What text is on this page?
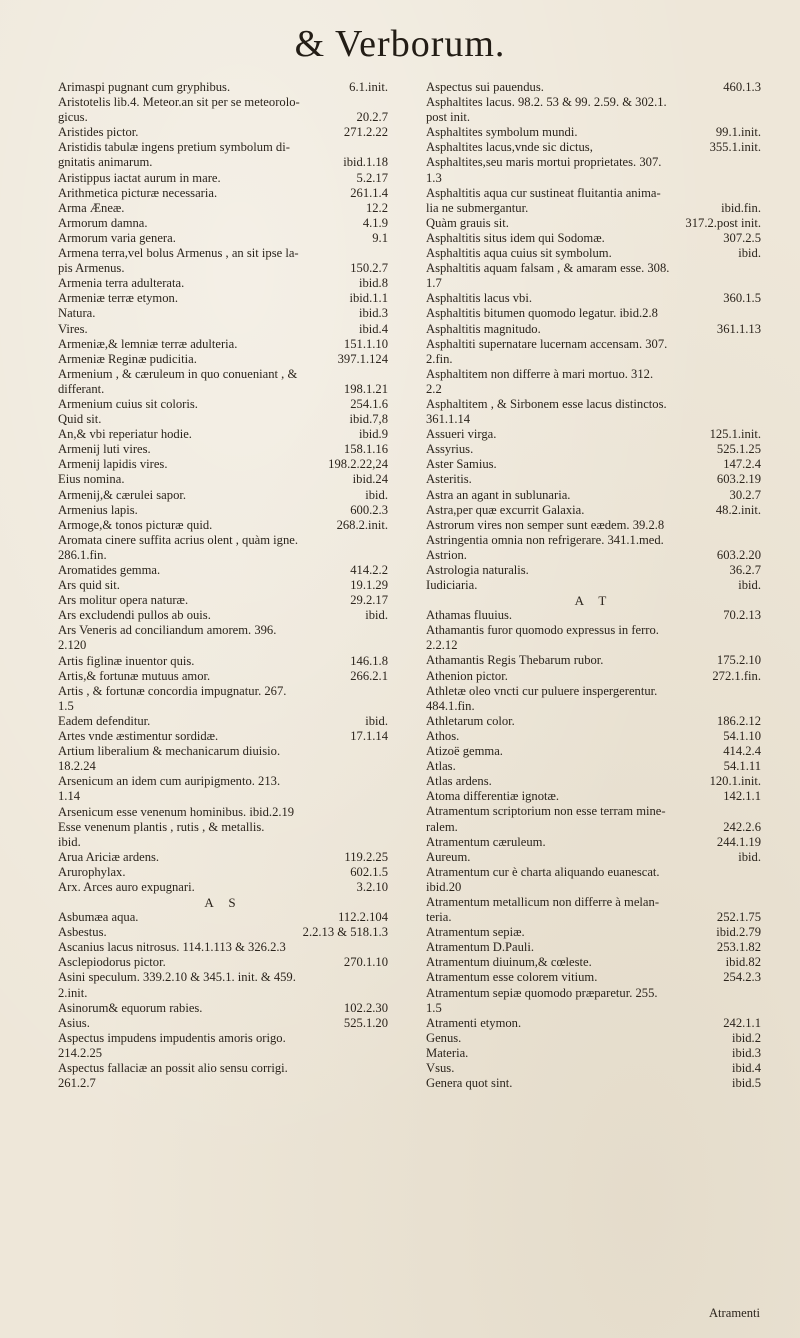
& Verborum.
Arimaspi pugnant cum gryphibus.	6.1.init.
Aristotelis lib.4. Meteor.an sit per se meteorolo-
gicus.	20.2.7
Aristides pictor.	271.2.22
Aristidis tabulæ ingens pretium symbolum di-
gnitatis animarum.	ibid.1.18
Aristippus iactat aurum in mare.	5.2.17
Arithmetica picturæ necessaria.	261.1.4
Arma Æneæ.	12.2
Armorum damna.	4.1.9
Armorum varia genera.	9.1
Armena terra,vel bolus Armenus , an sit ipse la-
pis Armenus.	150.2.7
Armenia terra adulterata.	ibid.8
Armeniæ terræ etymon.	ibid.1.1
Natura.	ibid.3
Vires.	ibid.4
Armeniæ,& lemniæ terræ adulteria.	151.1.10
Armeniæ Reginæ pudicitia.	397.1.124
Armenium , & cæruleum in quo conueniant , &
differant.	198.1.21
Armenium cuius sit coloris.	254.1.6
Quid sit.	ibid.7,8
An,& vbi reperiatur hodie.	ibid.9
Armenij luti vires.	158.1.16
Armenij lapidis vires.	198.2.22,24
Eius nomina.	ibid.24
Armenij,& cærulei sapor.	ibid.
Armenius lapis.	600.2.3
Armoge,& tonos picturæ quid.	268.2.init.
Aromata cinere suffita acrius olent , quàm igne.
286.1.fin.
Aromatides gemma.	414.2.2
Ars quid sit.	19.1.29
Ars molitur opera naturæ.	29.2.17
Ars excludendi pullos ab ouis.	ibid.
Ars Veneris ad conciliandum amorem. 396.
2.120
Artis figlinæ inuentor quis.	146.1.8
Artis,& fortunæ mutuus amor.	266.2.1
Artis , & fortunæ concordia impugnatur. 267.
1.5
Eadem defenditur.	ibid.
Artes vnde æstimentur sordidæ.	17.1.14
Artium liberalium & mechanicarum diuisio.
18.2.24
Arsenicum an idem cum auripigmento. 213.
1.14
Arsenicum esse venenum hominibus. ibid.2.19
Esse venenum plantis , rutis , & metallis.
ibid.
Arua Ariciæ ardens.	119.2.25
Arurophylax.	602.1.5
Arx. Arces auro expugnari.	3.2.10
A S
Asbumæa aqua.	112.2.104
Asbestus.	2.2.13 & 518.1.3
Ascanius lacus nitrosus. 114.1.113 & 326.2.3
Asclepiodorus pictor.	270.1.10
Asini speculum. 339.2.10 & 345.1. init. & 459.
2.init.
Asinorum& equorum rabies.	102.2.30
Asius.	525.1.20
Aspectus impudens impudentis amoris origo.
214.2.25
Aspectus fallaciæ an possit alio sensu corrigi.
261.2.7
Aspectus sui pauendus.	460.1.3
Asphaltites lacus. 98.2. 53 & 99. 2.59. & 302.1.
post init.
Asphaltites symbolum mundi.	99.1.init.
Asphaltites lacus,vnde sic dictus,	355.1.init.
Asphaltites,seu maris mortui proprietates. 307.
1.3
Asphaltitis aqua cur sustineat fluitantia anima-
lia ne submergantur.	ibid.fin.
Quàm grauis sit.	317.2.post init.
Asphaltitis situs idem qui Sodomæ.	307.2.5
Asphaltitis aqua cuius sit symbolum.	ibid.
Asphaltitis aquam falsam , & amaram esse. 308.
1.7
Asphaltitis lacus vbi.	360.1.5
Asphaltitis bitumen quomodo legatur. ibid.2.8
Asphaltitis magnitudo.	361.1.13
Asphaltiti supernatare lucernam accensam. 307.
2.fin.
Asphaltitem non differre à mari mortuo. 312.
2.2
Asphaltitem , & Sirbonem esse lacus distinctos.
361.1.14
Assueri virga.	125.1.init.
Assyrius.	525.1.25
Aster Samius.	147.2.4
Asteritis.	603.2.19
Astra an agant in sublunaria.	30.2.7
Astra,per quæ excurrit Galaxia.	48.2.init.
Astrorum vires non semper sunt eædem. 39.2.8
Astringentia omnia non refrigerare. 341.1.med.
Astrion.	603.2.20
Astrologia naturalis.	36.2.7
Iudiciaria.	ibid.
A T
Athamas fluuius.	70.2.13
Athamantis furor quomodo expressus in ferro.
2.2.12
Athamantis Regis Thebarum rubor.	175.2.10
Athenion pictor.	272.1.fin.
Athletæ oleo vncti cur puluere inspergerentur.
484.1.fin.
Athletarum color.	186.2.12
Athos.	54.1.10
Atizoë gemma.	414.2.4
Atlas.	54.1.11
Atlas ardens.	120.1.init.
Atoma differentiæ ignotæ.	142.1.1
Atramentum scriptorium non esse terram mine-
ralem.	242.2.6
Atramentum cæruleum.	244.1.19
Aureum.	ibid.
Atramentum cur è charta aliquando euanescat.
ibid.20
Atramentum metallicum non differre à melan-
teria.	252.1.75
Atramentum sepiæ.	ibid.2.79
Atramentum D.Pauli.	253.1.82
Atramentum diuinum,& cœleste.	ibid.82
Atramentum esse colorem vitium.	254.2.3
Atramentum sepiæ quomodo præparetur. 255.
1.5
Atramenti etymon.	242.1.1
Genus.	ibid.2
Materia.	ibid.3
Vsus.	ibid.4
Genera quot sint.	ibid.5
Atramenti
